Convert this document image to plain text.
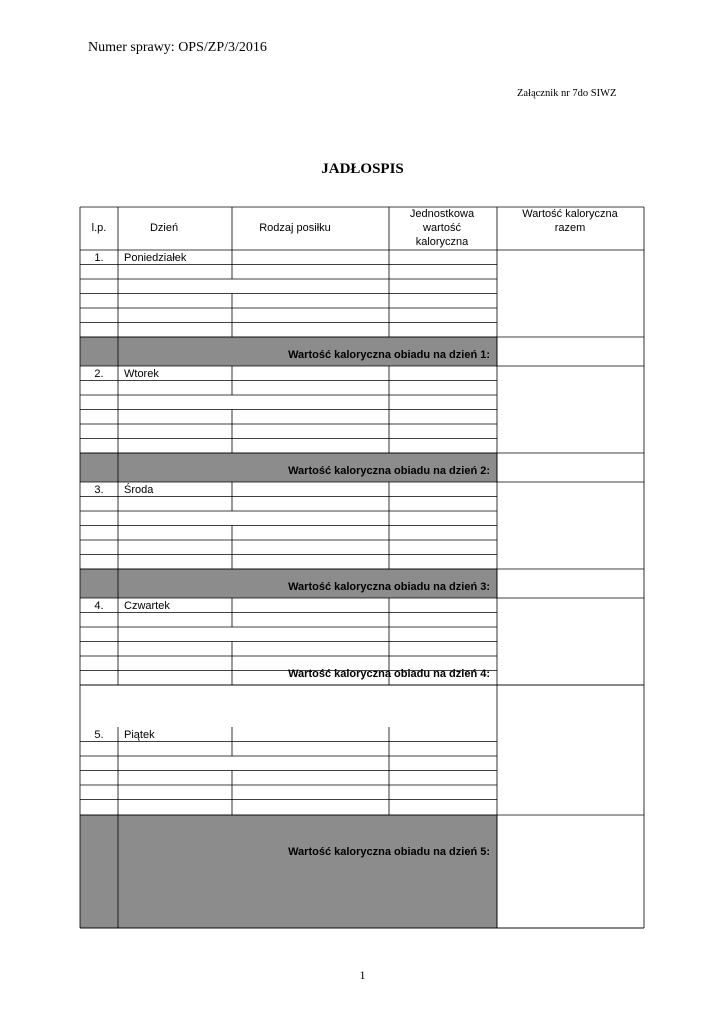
Numer sprawy: OPS/ZP/3/2016
Załącznik nr 7do SIWZ
JADŁOSPIS
l.p.	Dzień	Rodzaj posiłku
Jednostkowa
wartość
kaloryczna
Wartość kaloryczna
razem
Wartość kaloryczna obiadu na dzień 1:
1. Poniedziałek
Wartość kaloryczna obiadu na dzień 2:
2. Wtorek
Wartość kaloryczna obiadu na dzień 3:
3. Środa
Wartość kaloryczna obiadu na dzień 4:
4. Czwartek
Wartość kaloryczna obiadu na dzień 5:
5. Piątek
1
